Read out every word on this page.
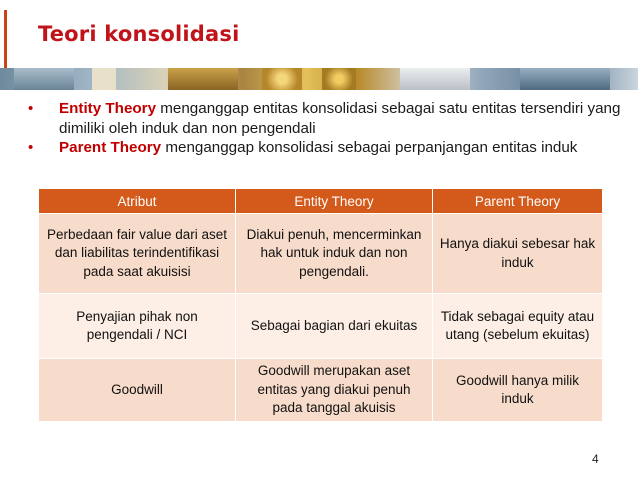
Teori konsolidasi
• Entity Theory menganggap entitas konsolidasi sebagai satu entitas tersendiri yang dimiliki oleh induk dan non pengendali
• Parent Theory menganggap konsolidasi sebagai perpanjangan entitas induk
Atribut	Entity Theory	Parent Theory
Perbedaan fair value dari aset dan liabilitas terindentifikasi pada saat akuisisi	Diakui penuh, mencerminkan hak untuk induk dan non pengendali.	Hanya diakui sebesar hak induk
Penyajian pihak non pengendali / NCI	Sebagai bagian dari ekuitas	Tidak sebagai equity atau utang (sebelum ekuitas)
Goodwill	Goodwill merupakan aset entitas yang diakui penuh pada tanggal akuisis	Goodwill hanya milik induk
4
